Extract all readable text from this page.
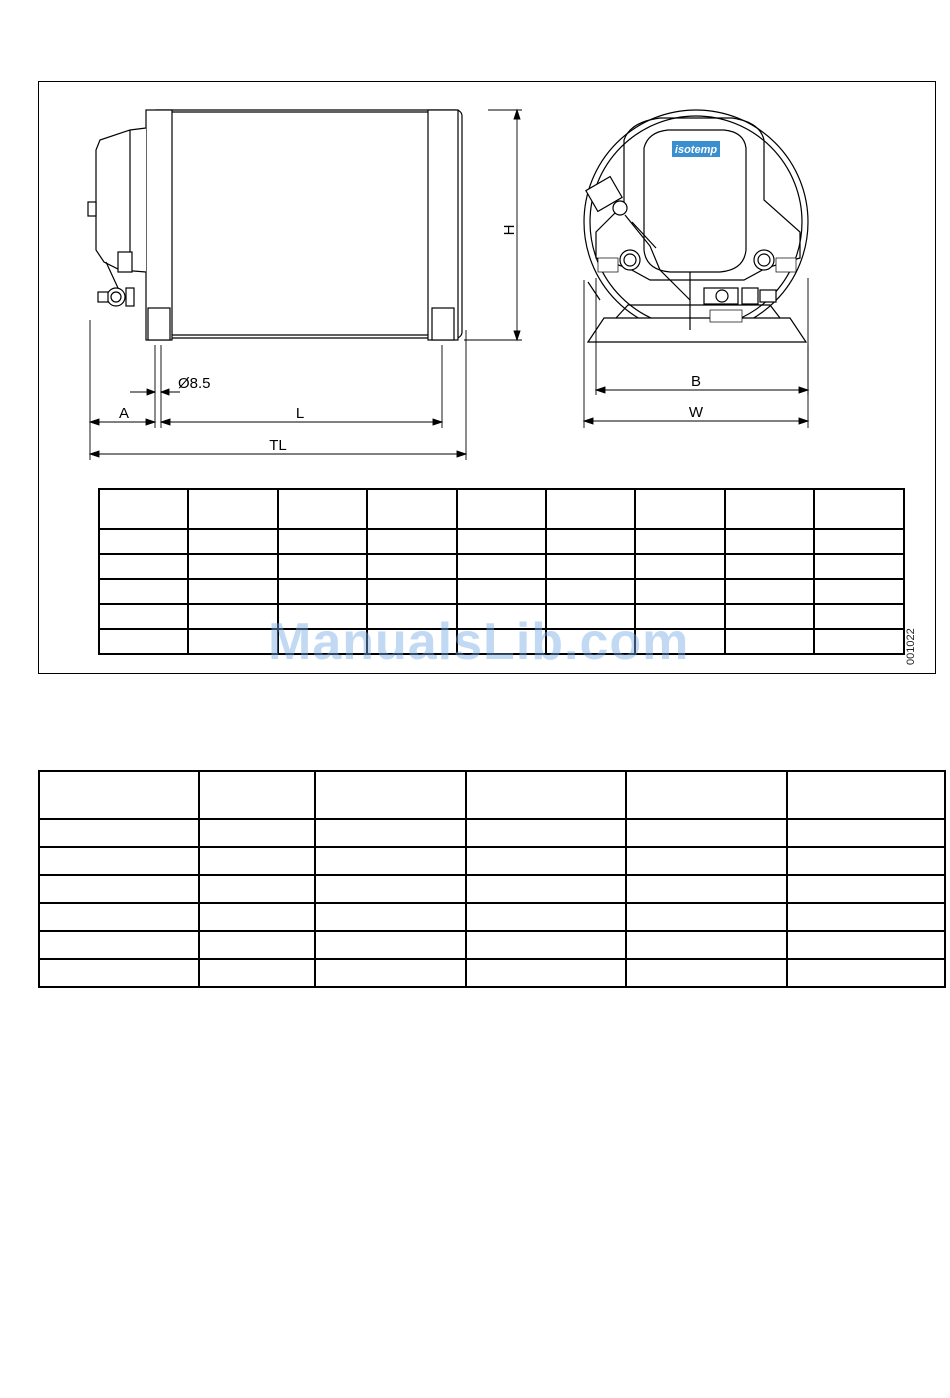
H
Ø8.5
A	L
TL
isotemp
B
W

001022

ManualsLib.com
